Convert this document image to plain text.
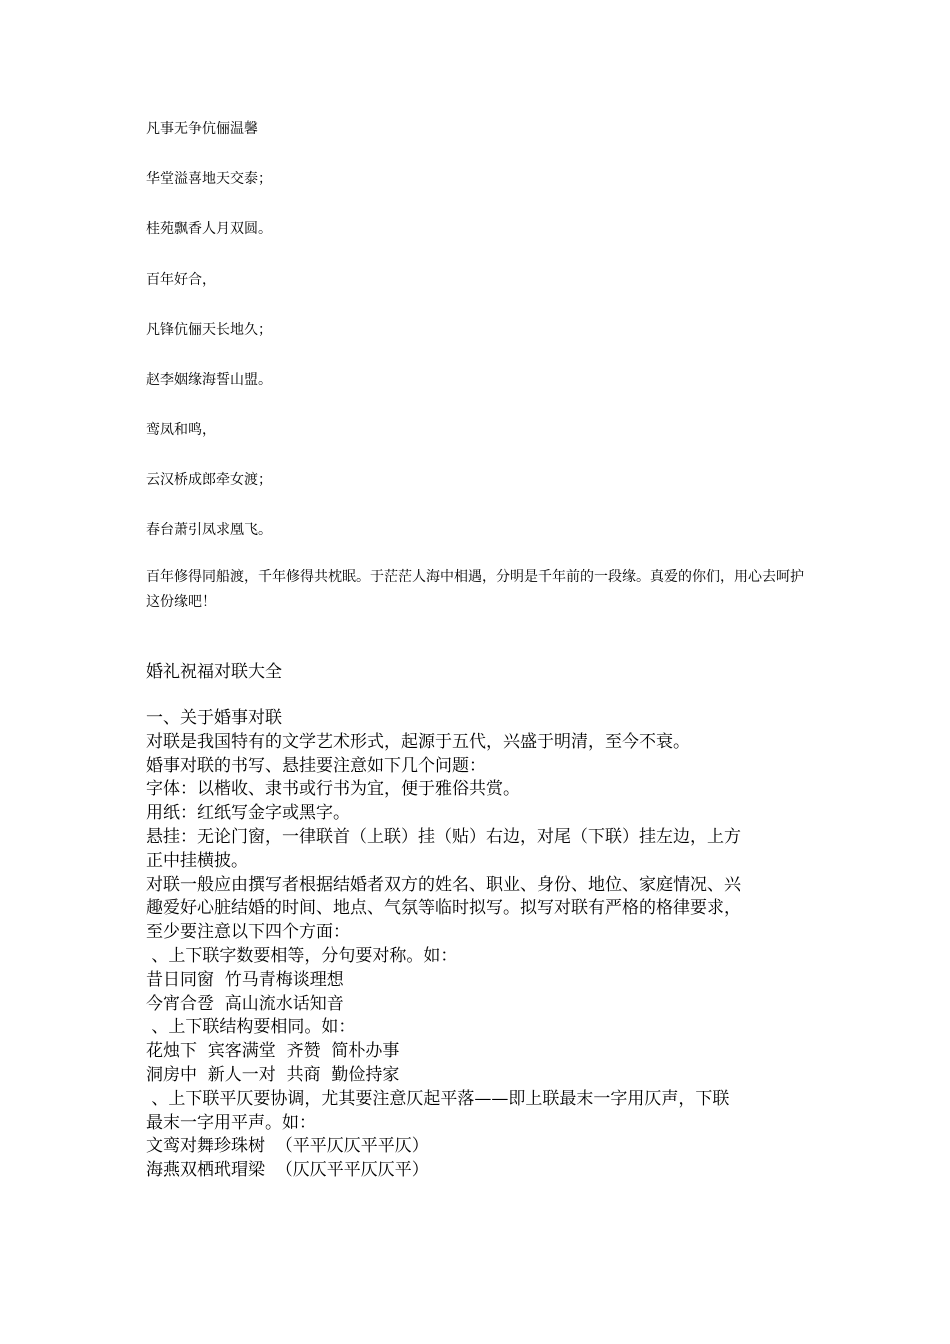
凡事无争伉俪温馨
华堂溢喜地天交泰；
桂苑飘香人月双圆。
百年好合，
凡锋伉俪天长地久；
赵李姻缘海誓山盟。
鸾凤和鸣，
云汉桥成郎牵女渡；
春台萧引凤求凰飞。
百年修得同船渡，千年修得共枕眠。于茫茫人海中相遇，分明是千年前的一段缘。真爱的你们，用心去呵护这份缘吧！
婚礼祝福对联大全
一、关于婚事对联
对联是我国特有的文学艺术形式，起源于五代，兴盛于明清，至今不衰。
婚事对联的书写、悬挂要注意如下几个问题：
字体：以楷收、隶书或行书为宜，便于雅俗共赏。
用纸：红纸写金字或黑字。
悬挂：无论门窗，一律联首（上联）挂（贴）右边，对尾（下联）挂左边，上方
正中挂横披。
对联一般应由撰写者根据结婚者双方的姓名、职业、身份、地位、家庭情况、兴
趣爱好心脏结婚的时间、地点、气氛等临时拟写。拟写对联有严格的格律要求，
至少要注意以下四个方面：
、上下联字数要相等，分句要对称。如：
昔日同窗  竹马青梅谈理想
今宵合卺  高山流水话知音
、上下联结构要相同。如：
花烛下  宾客满堂  齐赞  简朴办事
洞房中  新人一对  共商  勤俭持家
、上下联平仄要协调，尤其要注意仄起平落——即上联最末一字用仄声，下联
最末一字用平声。如：
文鸾对舞珍珠树  （平平仄仄平平仄）
海燕双栖玳瑁梁  （仄仄平平仄仄平）
